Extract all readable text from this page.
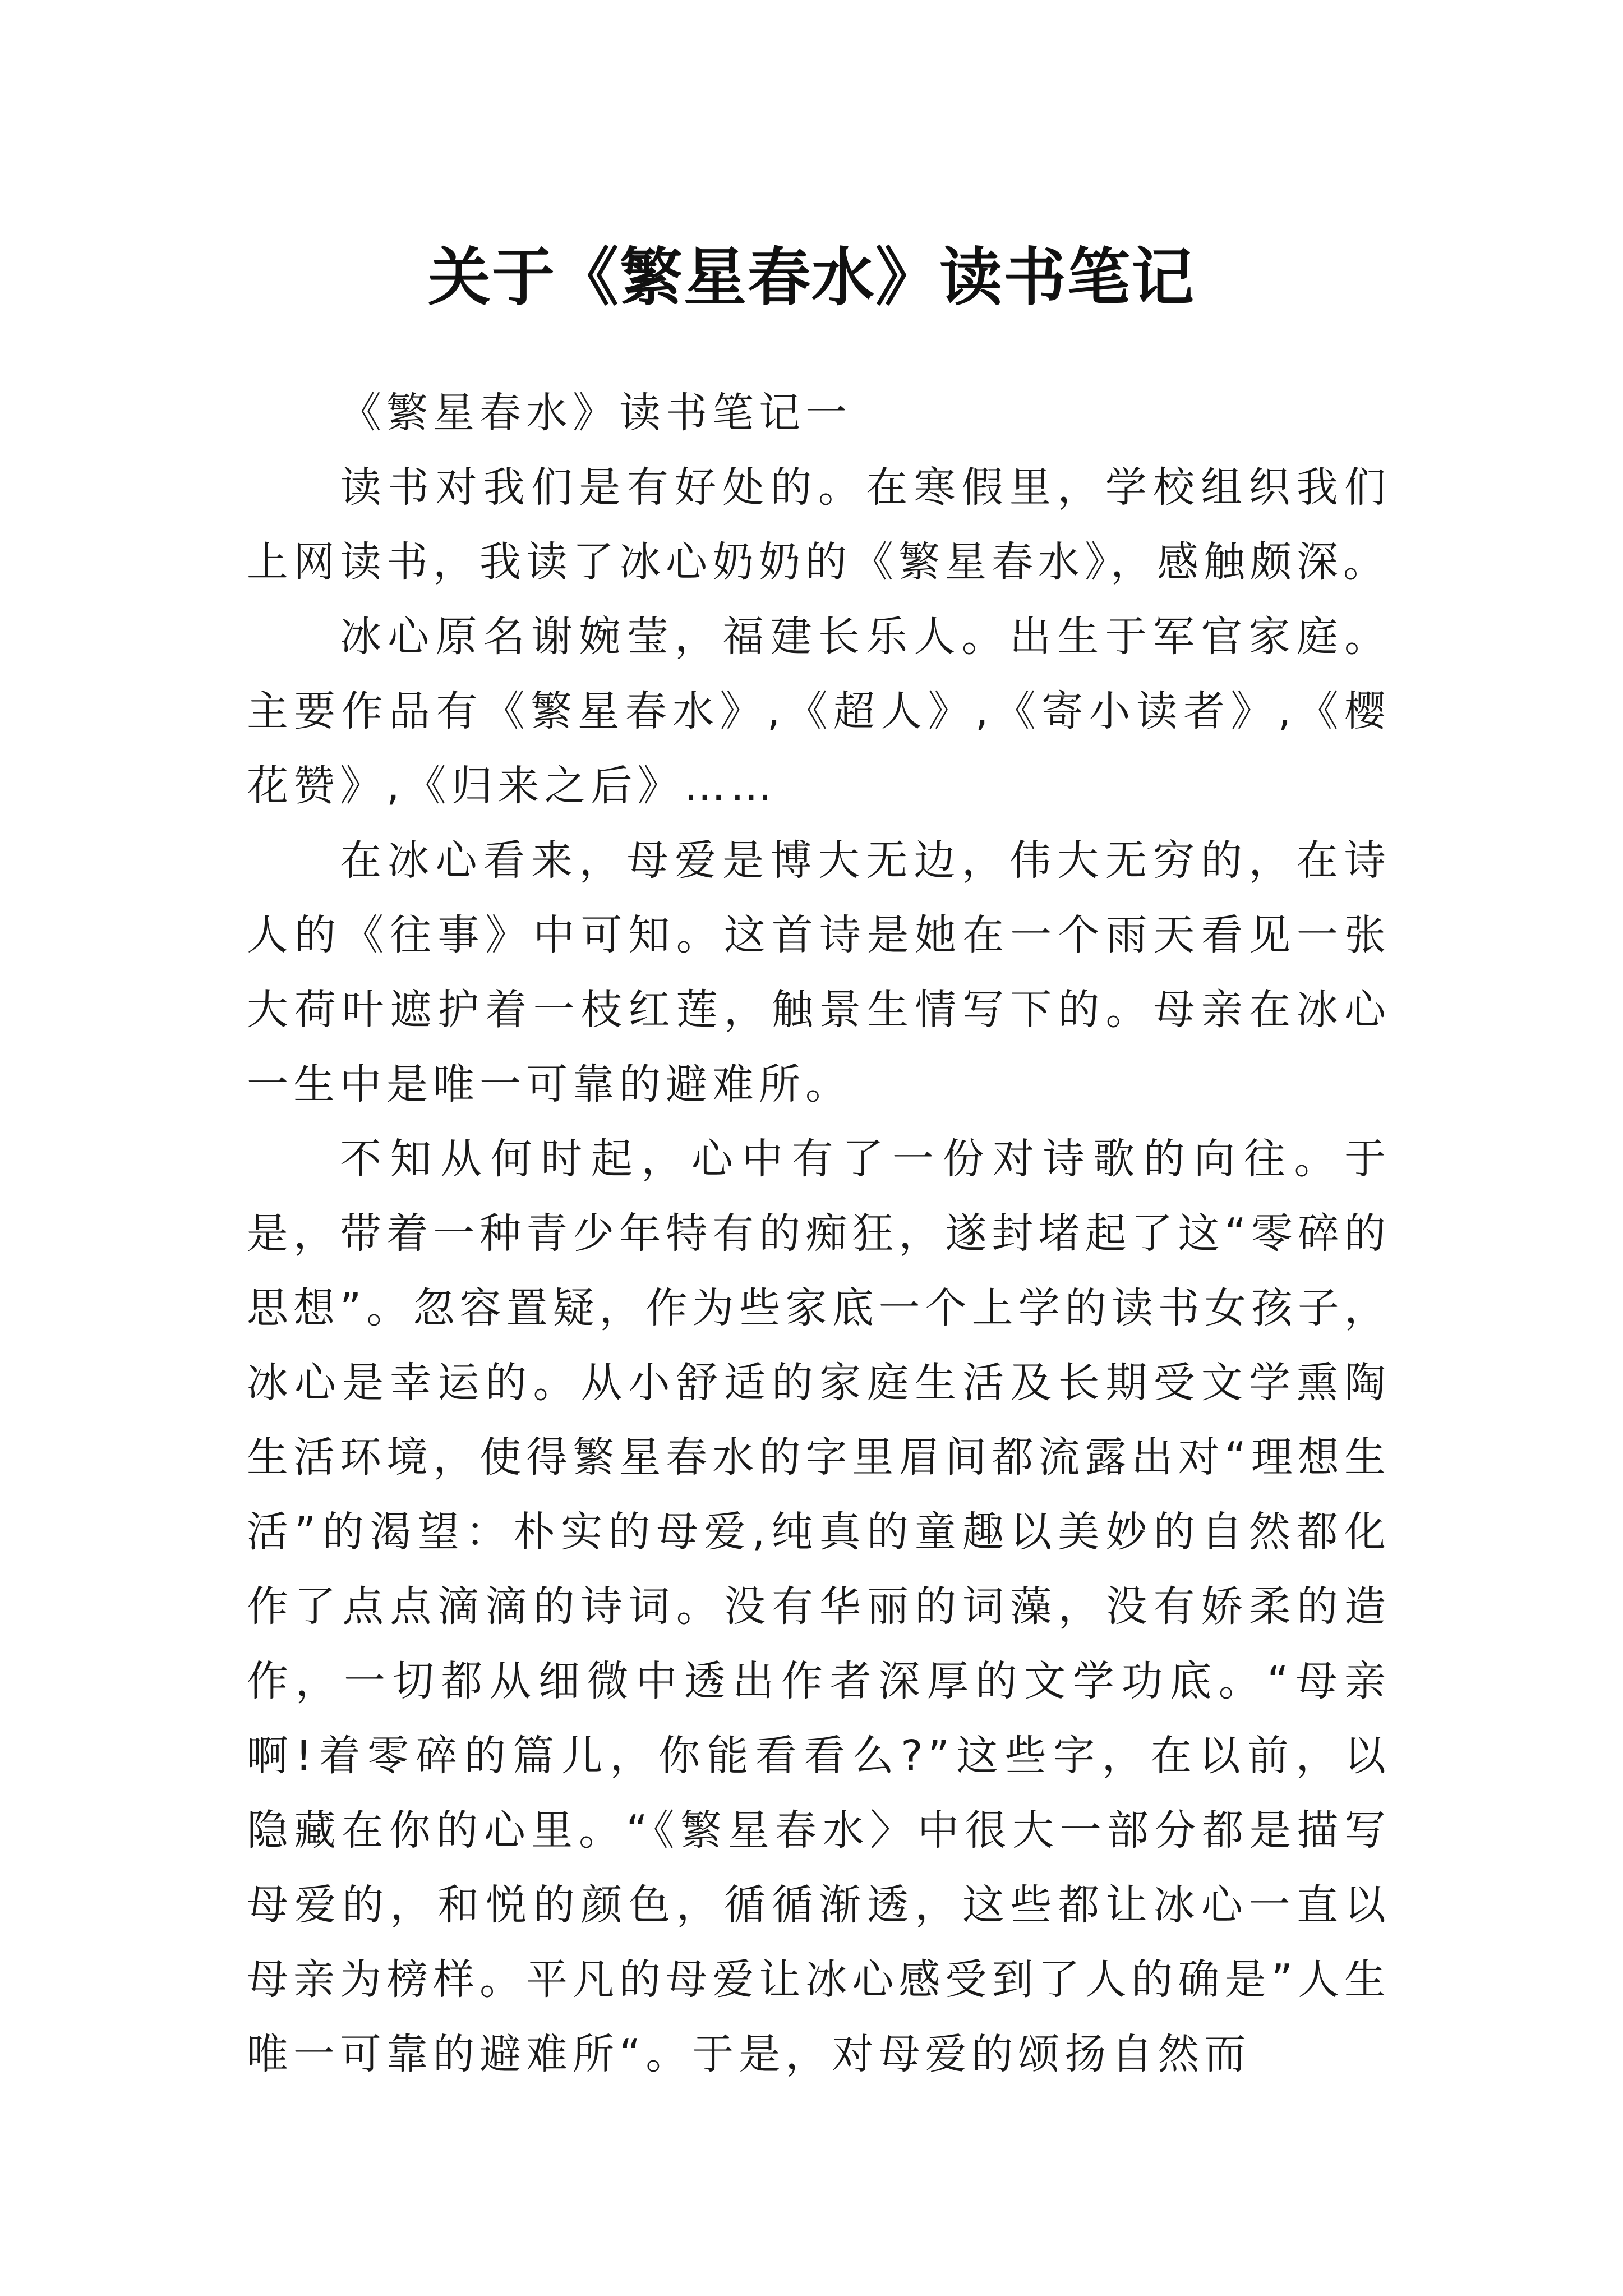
关于《繁星春水》读书笔记

《繁星春水》读书笔记一

读书对我们是有好处的。在寒假里，学校组织我们上网读书，我读了冰心奶奶的《繁星春水》，感触颇深。

冰心原名谢婉莹，福建长乐人。出生于军官家庭。主要作品有《繁星春水》,《超人》,《寄小读者》,《樱花赞》,《归来之后》……

在冰心看来，母爱是博大无边，伟大无穷的，在诗人的《往事》中可知。这首诗是她在一个雨天看见一张大荷叶遮护着一枝红莲，触景生情写下的。母亲在冰心一生中是唯一可靠的避难所。

不知从何时起，心中有了一份对诗歌的向往。于是，带着一种青少年特有的痴狂，遂封堵起了这“零碎的思想”。忽容置疑，作为些家底一个上学的读书女孩子，冰心是幸运的。从小舒适的家庭生活及长期受文学熏陶生活环境，使得繁星春水的字里眉间都流露出对“理想生活”的渴望：朴实的母爱,纯真的童趣以美妙的自然都化作了点点滴滴的诗词。没有华丽的词藻，没有娇柔的造作，一切都从细微中透出作者深厚的文学功底。“母亲啊!着零碎的篇儿，你能看看么?”这些字，在以前，以隐藏在你的心里。“《繁星春水〉中很大一部分都是描写母爱的，和悦的颜色，循循渐透，这些都让冰心一直以母亲为榜样。平凡的母爱让冰心感受到了人的确是”人生唯一可靠的避难所“。于是，对母爱的颂扬自然而
